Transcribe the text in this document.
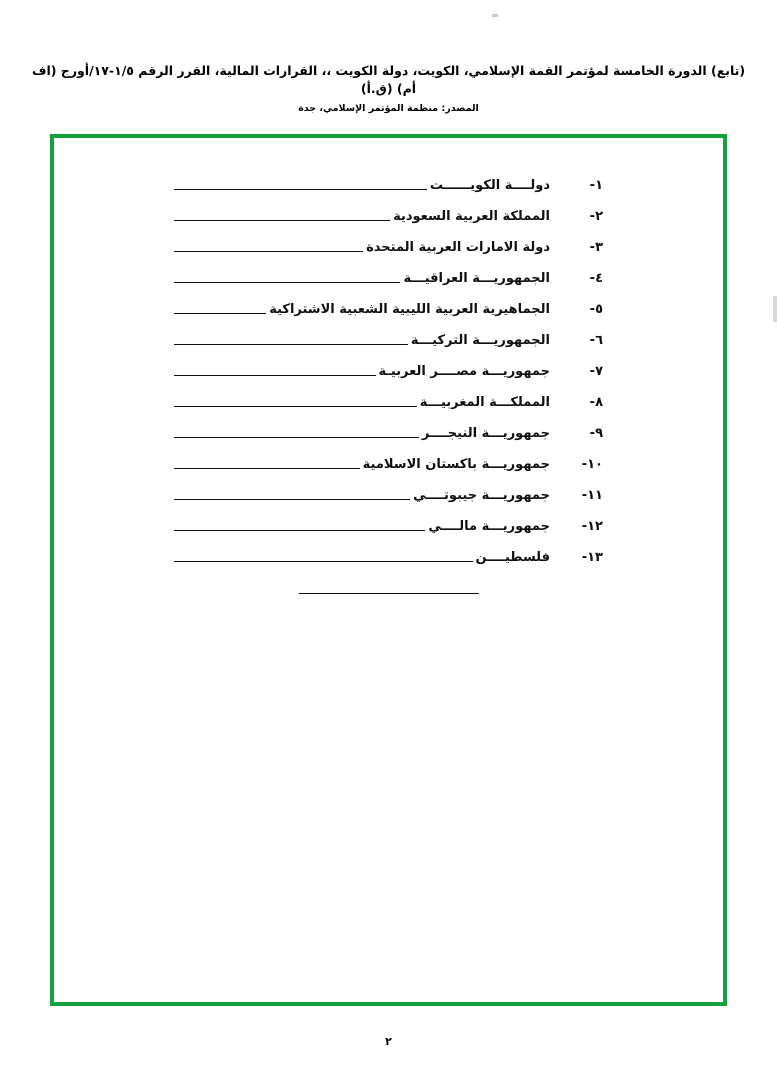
(تابع) الدورة الخامسة لمؤتمر القمة الإسلامي، الكويت، دولة الكويت ،، القرارات المالية، القرر الرقم ١/٥-١٧/أورج (اف أم) (ق.أ)
المصدر: منظمة المؤتمر الإسلامي، جدة
١-
دولــــة الكويــــــت
٢-
المملكة العربية السعودية
٣-
دولة الامارات العربية المتحدة
٤-
الجمهوريـــة العراقيـــة
٥-
الجماهيرية العربية الليبية الشعبية الاشتراكية
٦-
الجمهوريـــة التركيـــة
٧-
جمهوريـــة مصــــر العربيـة
٨-
المملكـــة المغربيـــة
٩-
جمهوريـــة النيجــــر
١٠-
جمهوريـــة باكستان الاسلامية
١١-
جمهوريـــة جيبوتــــي
١٢-
جمهوريـــة مالــــي
١٣-
فلسطيــــن
٢
